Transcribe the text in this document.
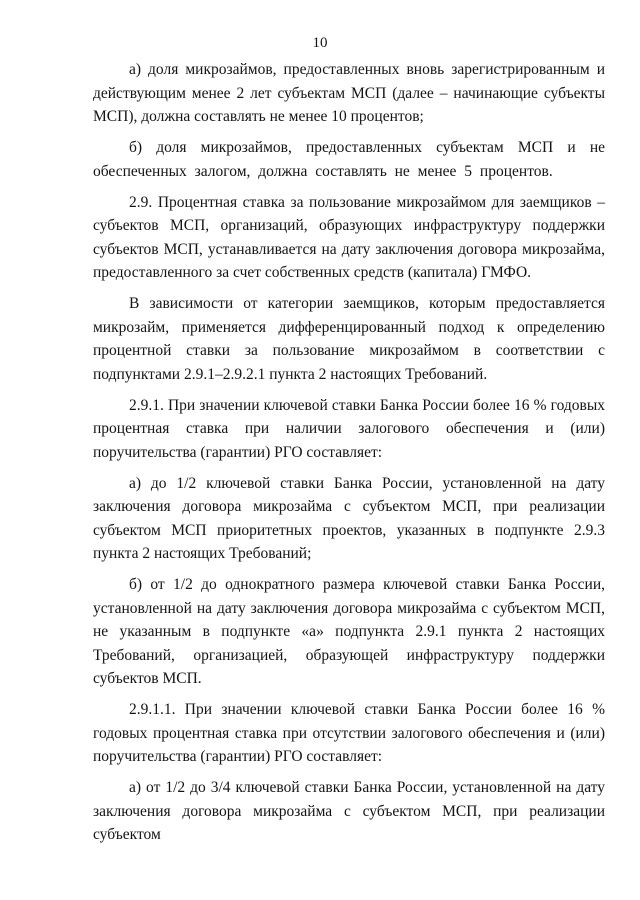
10

а) доля микрозаймов, предоставленных вновь зарегистрированным и действующим менее 2 лет субъектам МСП (далее – начинающие субъекты МСП), должна составлять не менее 10 процентов;

б) доля микрозаймов, предоставленных субъектам МСП и не обеспеченных залогом, должна составлять не менее 5 процентов.

2.9. Процентная ставка за пользование микрозаймом для заемщиков – субъектов МСП, организаций, образующих инфраструктуру поддержки субъектов МСП, устанавливается на дату заключения договора микрозайма, предоставленного за счет собственных средств (капитала) ГМФО.

В зависимости от категории заемщиков, которым предоставляется микрозайм, применяется дифференцированный подход к определению процентной ставки за пользование микрозаймом в соответствии с подпунктами 2.9.1–2.9.2.1 пункта 2 настоящих Требований.

2.9.1. При значении ключевой ставки Банка России более 16 % годовых процентная ставка при наличии залогового обеспечения и (или) поручительства (гарантии) РГО составляет:

а) до 1/2 ключевой ставки Банка России, установленной на дату заключения договора микрозайма с субъектом МСП, при реализации субъектом МСП приоритетных проектов, указанных в подпункте 2.9.3 пункта 2 настоящих Требований;

б) от 1/2 до однократного размера ключевой ставки Банка России, установленной на дату заключения договора микрозайма с субъектом МСП, не указанным в подпункте «а» подпункта 2.9.1 пункта 2 настоящих Требований, организацией, образующей инфраструктуру поддержки субъектов МСП.

2.9.1.1. При значении ключевой ставки Банка России более 16 % годовых процентная ставка при отсутствии залогового обеспечения и (или) поручительства (гарантии) РГО составляет:

а) от 1/2 до 3/4 ключевой ставки Банка России, установленной на дату заключения договора микрозайма с субъектом МСП, при реализации субъектом
